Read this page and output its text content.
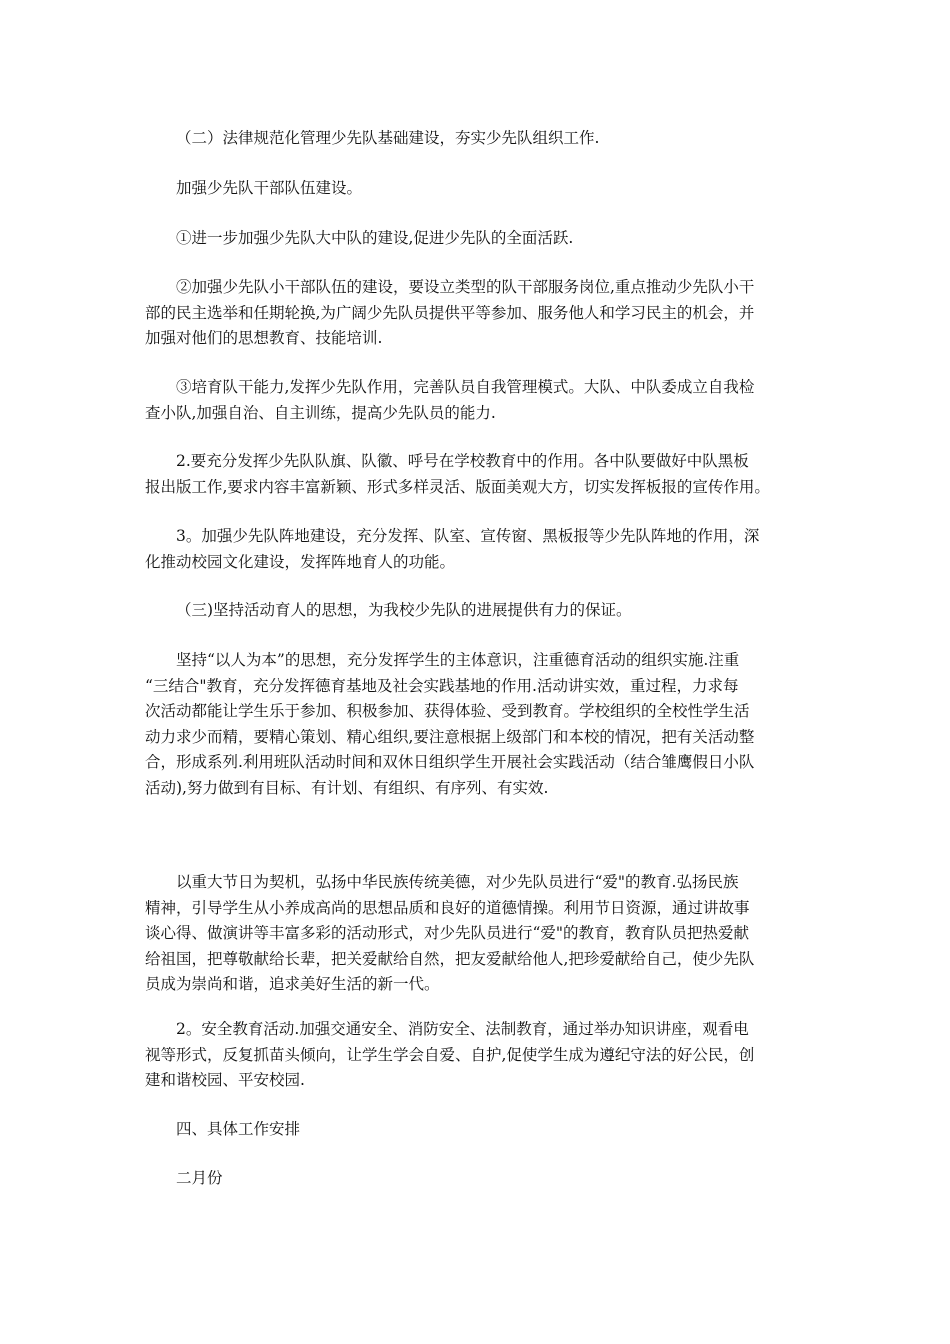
（二）法律规范化管理少先队基础建设，夯实少先队组织工作.

加强少先队干部队伍建设。

①进一步加强少先队大中队的建设,促进少先队的全面活跃.

②加强少先队小干部队伍的建设，要设立类型的队干部服务岗位,重点推动少先队小干
部的民主选举和任期轮换,为广阔少先队员提供平等参加、服务他人和学习民主的机会，并
加强对他们的思想教育、技能培训.

③培育队干能力,发挥少先队作用，完善队员自我管理模式。大队、中队委成立自我检
查小队,加强自治、自主训练，提高少先队员的能力.

2.要充分发挥少先队队旗、队徽、呼号在学校教育中的作用。各中队要做好中队黑板
报出版工作,要求内容丰富新颖、形式多样灵活、版面美观大方，切实发挥板报的宣传作用。

3。加强少先队阵地建设，充分发挥、队室、宣传窗、黑板报等少先队阵地的作用，深
化推动校园文化建设，发挥阵地育人的功能。

（三)坚持活动育人的思想，为我校少先队的进展提供有力的保证。

坚持“以人为本”的思想，充分发挥学生的主体意识，注重德育活动的组织实施.注重
“三结合"教育，充分发挥德育基地及社会实践基地的作用.活动讲实效，重过程，力求每
次活动都能让学生乐于参加、积极参加、获得体验、受到教育。学校组织的全校性学生活
动力求少而精，要精心策划、精心组织,要注意根据上级部门和本校的情况，把有关活动整
合，形成系列.利用班队活动时间和双休日组织学生开展社会实践活动（结合雏鹰假日小队
活动),努力做到有目标、有计划、有组织、有序列、有实效.

以重大节日为契机，弘扬中华民族传统美德，对少先队员进行“爱"的教育.弘扬民族
精神，引导学生从小养成高尚的思想品质和良好的道德情操。利用节日资源，通过讲故事
谈心得、做演讲等丰富多彩的活动形式，对少先队员进行“爱"的教育，教育队员把热爱献
给祖国，把尊敬献给长辈，把关爱献给自然，把友爱献给他人,把珍爱献给自己，使少先队
员成为崇尚和谐，追求美好生活的新一代。

2。安全教育活动.加强交通安全、消防安全、法制教育，通过举办知识讲座，观看电
视等形式，反复抓苗头倾向，让学生学会自爱、自护,促使学生成为遵纪守法的好公民，创
建和谐校园、平安校园.

四、具体工作安排

二月份
